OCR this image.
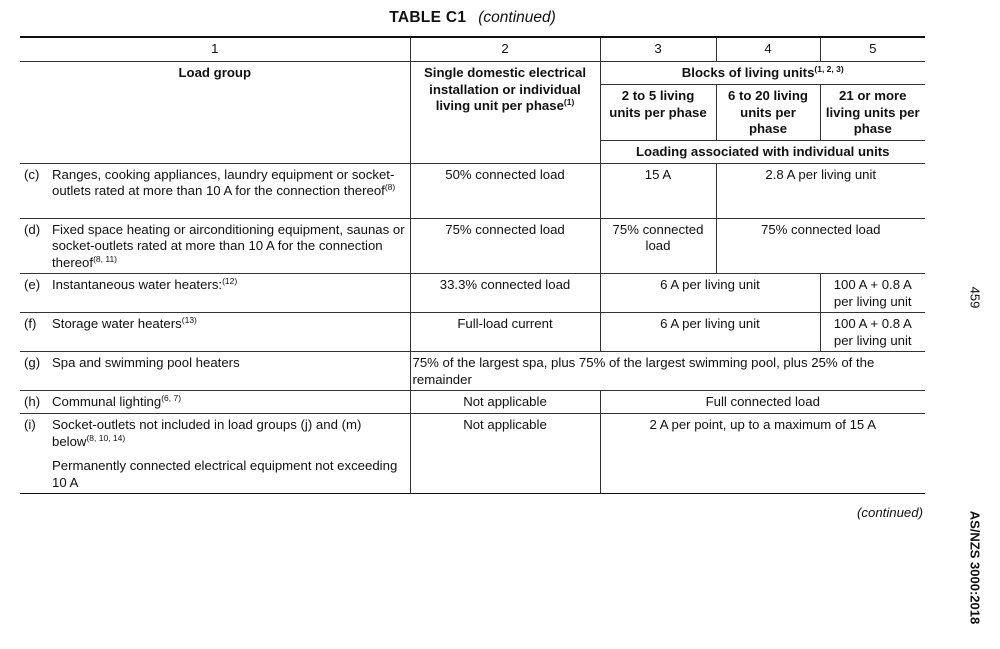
TABLE C1 (continued)
1	2	3	4	5
Load group	Single domestic electrical installation or individual living unit per phase$^{(1)}$	Blocks of living units$^{(1, 2, 3)}$
		2 to 5 living units per phase	6 to 20 living units per phase	21 or more living units per phase
		Loading associated with individual units		

(c) Ranges, cooking appliances, laundry equipment or socket-outlets rated at more than 10 A for the connection thereof$^{(8)}$	50% connected load	15 A	2.8 A per living unit	

(d) Fixed space heating or airconditioning equipment, saunas or socket-outlets rated at more than 10 A for the connection thereof$^{(8, 11)}$	75% connected load	75% connected load	75% connected load	

(e) Instantaneous water heaters:$^{(12)}$	33.3% connected load	6 A per living unit		100 A + 0.8 A per living unit

(f) Storage water heaters$^{(13)}$	Full-load current	6 A per living unit		100 A + 0.8 A per living unit

(g) Spa and swimming pool heaters	75% of the largest spa, plus 75% of the largest swimming pool, plus 25% of the remainder			

(h) Communal lighting$^{(6, 7)}$	Not applicable	Full connected load		

(i) Socket-outlets not included in load groups (j) and (m) below$^{(8, 10, 14)}$
Permanently connected electrical equipment not exceeding 10 A	Not applicable	2 A per point, up to a maximum of 15 A		
(continued)
459
AS/NZS 3000:2018
